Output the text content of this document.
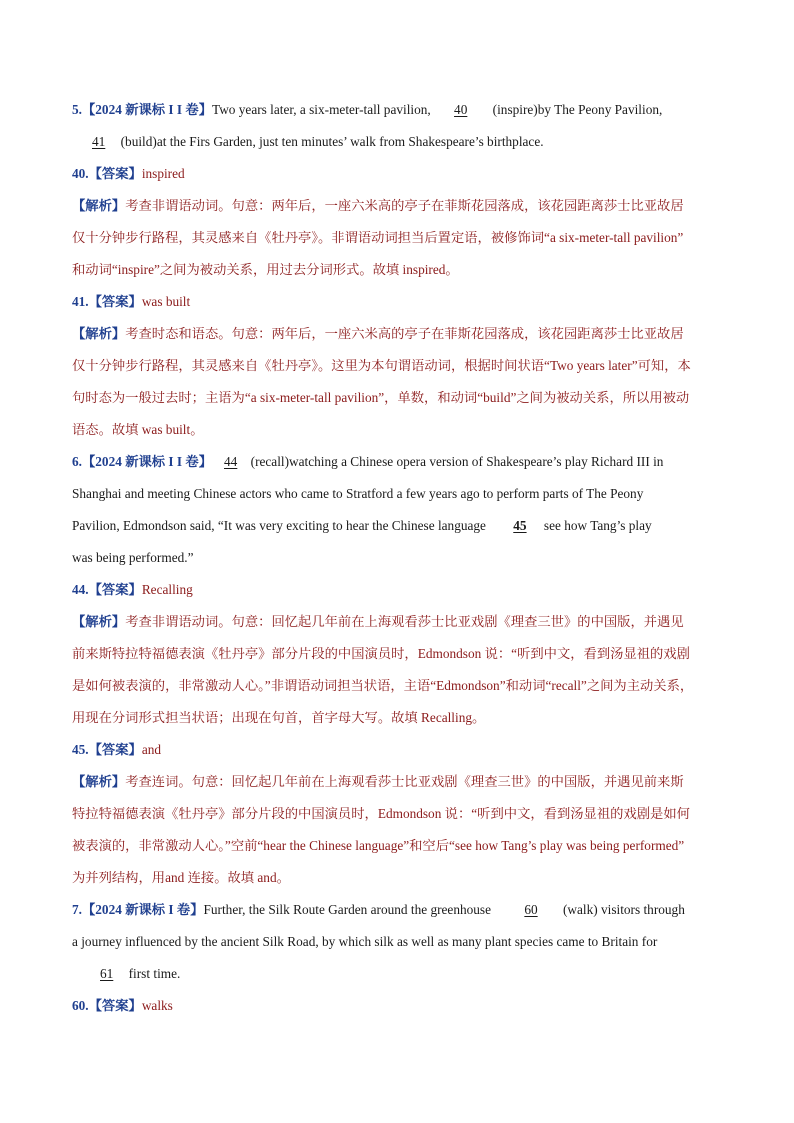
5.【2024 新课标 I I 卷】Two years later, a six-meter-tall pavilion, 40 (inspire)by The Peony Pavilion,
41 (build)at the Firs Garden, just ten minutes’ walk from Shakespeare’s birthplace.
40.【答案】inspired
【解析】考查非谓语动词。句意：两年后，一座六米高的亭子在菲斯花园落成，该花园距离莎士比亚故居
仅十分钟步行路程，其灵感来自《牡丹亭》。非谓语动词担当后置定语，被修饰词“a six-meter-tall pavilion”
和动词“inspire”之间为被动关系，用过去分词形式。故填 inspired。
41.【答案】was built
【解析】考查时态和语态。句意：两年后，一座六米高的亭子在菲斯花园落成，该花园距离莎士比亚故居
仅十分钟步行路程，其灵感来自《牡丹亭》。这里为本句谓语动词，根据时间状语“Two years later”可知，本
句时态为一般过去时；主语为“a six-meter-tall pavilion”，单数，和动词“build”之间为被动关系，所以用被动
语态。故填 was built。
6.【2024 新课标 I I 卷】 44 (recall)watching a Chinese opera version of Shakespeare’s play Richard III in
Shanghai and meeting Chinese actors who came to Stratford a few years ago to perform parts of The Peony
Pavilion, Edmondson said, “It was very exciting to hear the Chinese language 45 see how Tang’s play
was being performed.”
44.【答案】Recalling
【解析】考查非谓语动词。句意：回忆起几年前在上海观看莎士比亚戏剧《理查三世》的中国版，并遇见
前来斯特拉特福德表演《牡丹亭》部分片段的中国演员时，Edmondson 说：“听到中文，看到汤显祖的戏剧
是如何被表演的，非常激动人心。”非谓语动词担当状语，主语“Edmondson”和动词“recall”之间为主动关系，
用现在分词形式担当状语；出现在句首，首字母大写。故填 Recalling。
45.【答案】and
【解析】考查连词。句意：回忆起几年前在上海观看莎士比亚戏剧《理查三世》的中国版，并遇见前来斯
特拉特福德表演《牡丹亭》部分片段的中国演员时，Edmondson 说：“听到中文，看到汤显祖的戏剧是如何
被表演的，非常激动人心。”空前“hear the Chinese language”和空后“see how Tang’s play was being performed”
为并列结构，用and 连接。故填 and。
7.【2024 新课标 I 卷】Further, the Silk Route Garden around the greenhouse	60 (walk) visitors through
a journey influenced by the ancient Silk Road, by which silk as well as many plant species came to Britain for
61 first time.
60.【答案】walks
